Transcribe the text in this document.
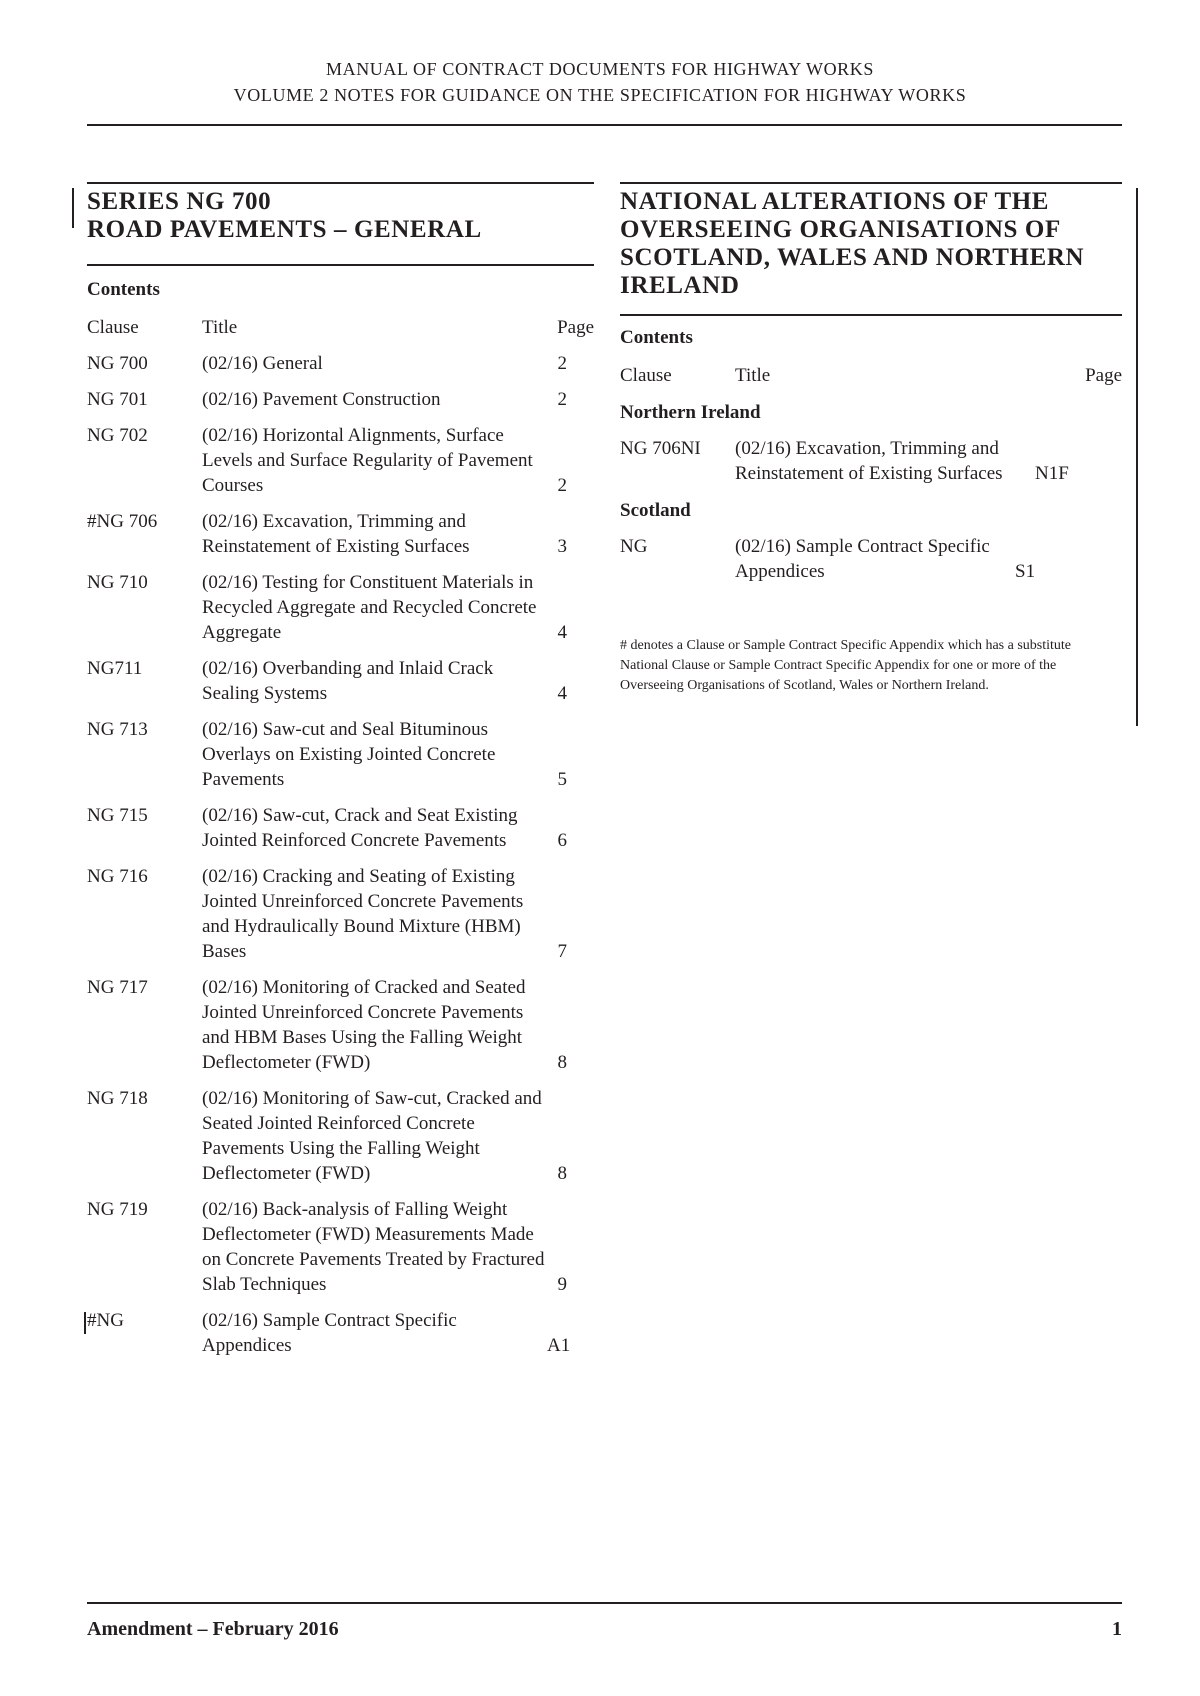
MANUAL OF CONTRACT DOCUMENTS FOR HIGHWAY WORKS
VOLUME 2 NOTES FOR GUIDANCE ON THE SPECIFICATION FOR HIGHWAY WORKS
SERIES NG 700
ROAD PAVEMENTS – GENERAL
Contents
Clause	Title	Page
NG 700	(02/16) General	2
NG 701	(02/16) Pavement Construction	2
NG 702	(02/16) Horizontal Alignments, Surface Levels and Surface Regularity of Pavement Courses	2
#NG 706	(02/16) Excavation, Trimming and Reinstatement of Existing Surfaces	3
NG 710	(02/16) Testing for Constituent Materials in Recycled Aggregate and Recycled Concrete Aggregate	4
NG711	(02/16) Overbanding and Inlaid Crack Sealing Systems	4
NG 713	(02/16) Saw-cut and Seal Bituminous Overlays on Existing Jointed Concrete Pavements	5
NG 715	(02/16) Saw-cut, Crack and Seat Existing Jointed Reinforced Concrete Pavements	6
NG 716	(02/16) Cracking and Seating of Existing Jointed Unreinforced Concrete Pavements and Hydraulically Bound Mixture (HBM) Bases	7
NG 717	(02/16) Monitoring of Cracked and Seated Jointed Unreinforced Concrete Pavements and HBM Bases Using the Falling Weight Deflectometer (FWD)	8
NG 718	(02/16) Monitoring of Saw-cut, Cracked and Seated Jointed Reinforced Concrete Pavements Using the Falling Weight Deflectometer (FWD)	8
NG 719	(02/16) Back-analysis of Falling Weight Deflectometer (FWD) Measurements Made on Concrete Pavements Treated by Fractured Slab Techniques	9
#NG	(02/16) Sample Contract Specific Appendices	A1
NATIONAL ALTERATIONS OF THE
OVERSEEING ORGANISATIONS OF
SCOTLAND, WALES AND NORTHERN
IRELAND
Contents
Clause	Title	Page
Northern Ireland
NG 706NI	(02/16) Excavation, Trimming and Reinstatement of Existing Surfaces	N1F
Scotland
NG	(02/16) Sample Contract Specific Appendices	S1
# denotes a Clause or Sample Contract Specific Appendix which has a substitute National Clause or Sample Contract Specific Appendix for one or more of the Overseeing Organisations of Scotland, Wales or Northern Ireland.
Amendment – February 2016	1
